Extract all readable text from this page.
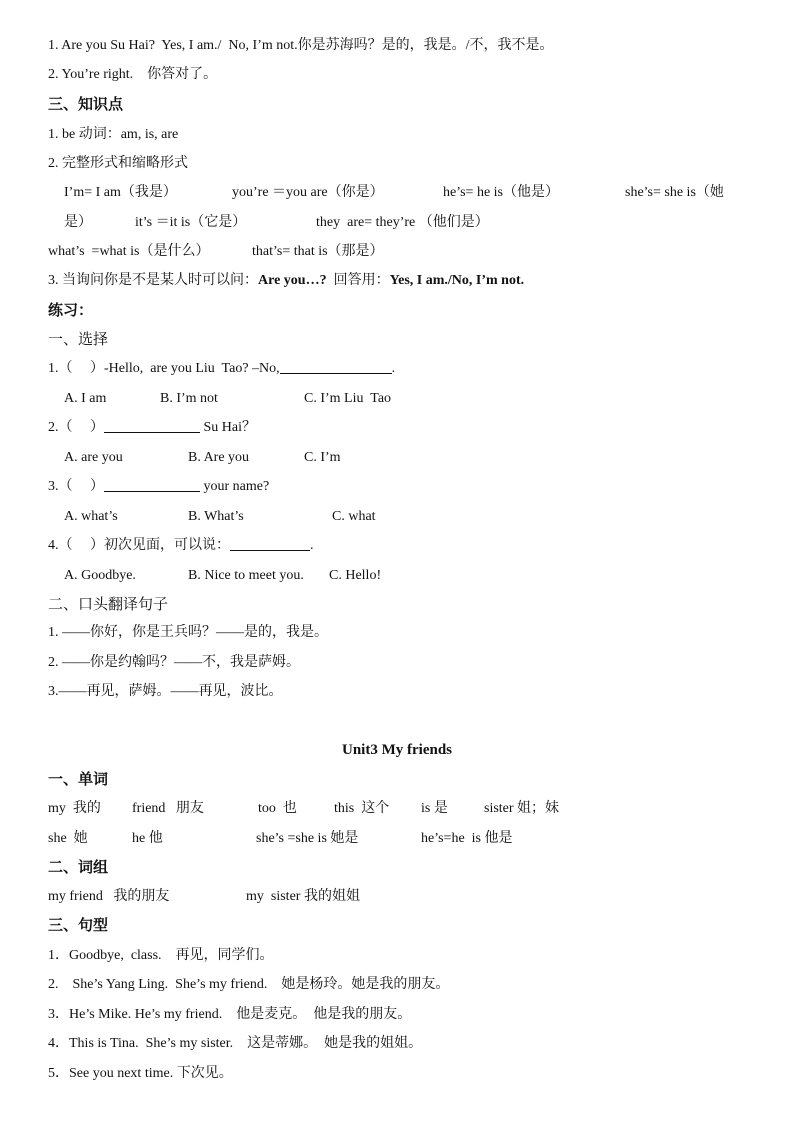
1. Are you Su Hai?  Yes, I am./  No, I’m not.你是苏海吗？是的，我是。/不，我不是。
2. You’re right.    你答对了。
三、知识点
1. be 动词：am, is, are
2. 完整形式和缩略形式
I’m= I am（我是）	you’re ＝you are（你是）	he’s= he is（他是）	she’s= she is（她
是）	it’s ＝it is（它是）	they  are= they’re （他们是）
what’s  =what is（是什么）	that’s= that is（那是）
3. 当询问你是不是某人时可以问：Are you…?  回答用：Yes, I am./No, I’m not.
练习：
一、选择
1.（     ）-Hello,  are you Liu  Tao? –No,	.
A. I am	B. I’m not	C. I’m Liu  Tao
2.（     ）	Su Hai？
A. are you	B. Are you	C. I’m
3.（     ）	your name?
A. what’s	B. What’s	C. what
4.（     ）初次见面，可以说：	.
A. Goodbye.	B. Nice to meet you. C. Hello!
二、口头翻译句子
1. ——你好，你是王兵吗？——是的，我是。
2. ——你是约翰吗？——不，我是萨姆。
3.——再见，萨姆。——再见，波比。
Unit3 My friends
一、单词
my  我的 friend   朋友	too  也	this  这个 is 是	sister 姐；妹
she  她	he 他	she’s =she is 她是	he’s=he  is 他是
二、词组
my friend   我的朋友	my  sister 我的姐姐
三、句型
1．Goodbye,  class.    再见，同学们。
2.    She’s Yang Ling.  She’s my friend.    她是杨玲。她是我的朋友。
3．He’s Mike. He’s my friend.    他是麦克。  他是我的朋友。
4．This is Tina.  She’s my sister.    这是蒂娜。  她是我的姐姐。
5．See you next time. 下次见。
